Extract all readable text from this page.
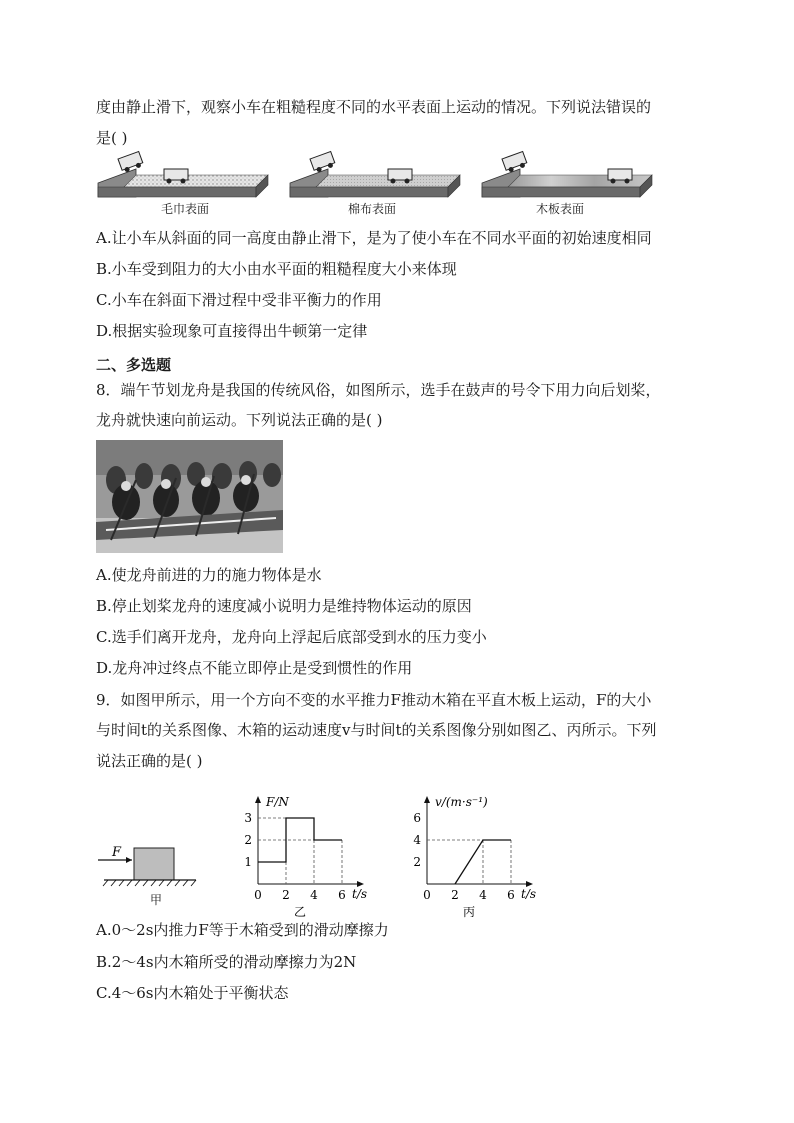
度由静止滑下，观察小车在粗糙程度不同的水平表面上运动的情况。下列说法错误的
是( )
毛巾表面	棉布表面	木板表面
A.让小车从斜面的同一高度由静止滑下，是为了使小车在不同水平面的初始速度相同
B.小车受到阻力的大小由水平面的粗糙程度大小来体现
C.小车在斜面下滑过程中受非平衡力的作用
D.根据实验现象可直接得出牛顿第一定律
二、多选题
8．端午节划龙舟是我国的传统风俗，如图所示，选手在鼓声的号令下用力向后划桨，
龙舟就快速向前运动。下列说法正确的是( )
A.使龙舟前进的力的施力物体是水
B.停止划桨龙舟的速度减小说明力是维持物体运动的原因
C.选手们离开龙舟，龙舟向上浮起后底部受到水的压力变小
D.龙舟冲过终点不能立即停止是受到惯性的作用
9．如图甲所示，用一个方向不变的水平推力F推动木箱在平直木板上运动，F的大小
与时间t的关系图像、木箱的运动速度v与时间t的关系图像分别如图乙、丙所示。下列
说法正确的是( )
F
甲
F/N
t/s
0 2 4 6
1
2
3
乙
v/(m·s⁻¹)
t/s
0 2 4 6
2
4
6
丙
A.0～2s内推力F等于木箱受到的滑动摩擦力
B.2～4s内木箱所受的滑动摩擦力为2N
C.4～6s内木箱处于平衡状态
